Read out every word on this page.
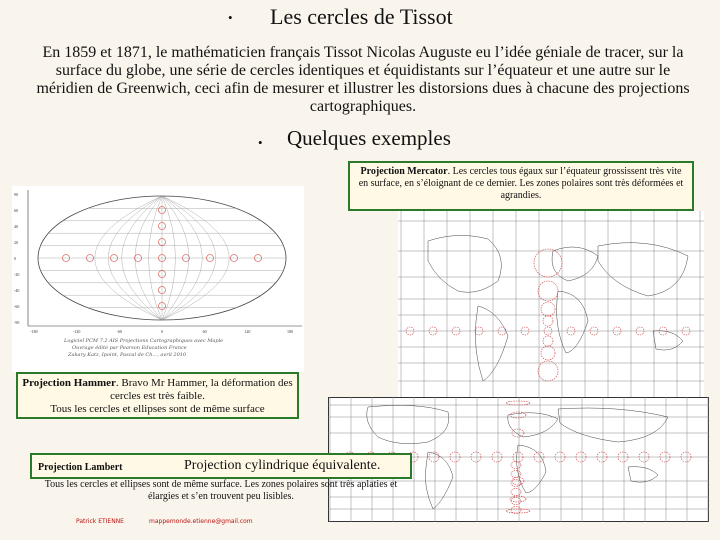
• Les cercles de Tissot
En 1859 et 1871, le mathématicien français Tissot Nicolas Auguste eu l’idée géniale de tracer, sur la surface du globe, une série de cercles identiques et équidistants sur l’équateur et une autre sur le méridien de Greenwich, ceci afin de mesurer et illustrer les distorsions dues à chacune des projections cartographiques.
• Quelques exemples
90
60
40
20
0
-20
-40
-60
-90
-180	-120	-60	0	60	120	180
Logiciel PCM 7.2 AIS Projections Cartographiques avec Maple
Ouvrage édité par Pearson Education France
Zakary Katz, Ipoint, Pascal de Ch..., avril 2010
Projection Mercator. Les cercles tous égaux sur l’équateur grossissent très vite en surface, en s’éloignant de ce dernier. Les zones polaires sont très déformées et agrandies.
Projection Hammer. Bravo Mr Hammer, la déformation des cercles est très faible.
Tous les cercles et ellipses sont de même surface
Projection Lambert	Projection cylindrique équivalente.
Tous les cercles et ellipses sont de même surface. Les zones polaires sont très aplaties et élargies et s’en trouvent peu lisibles.
Patrick ETIENNE	mappemonde.etienne@gmail.com
